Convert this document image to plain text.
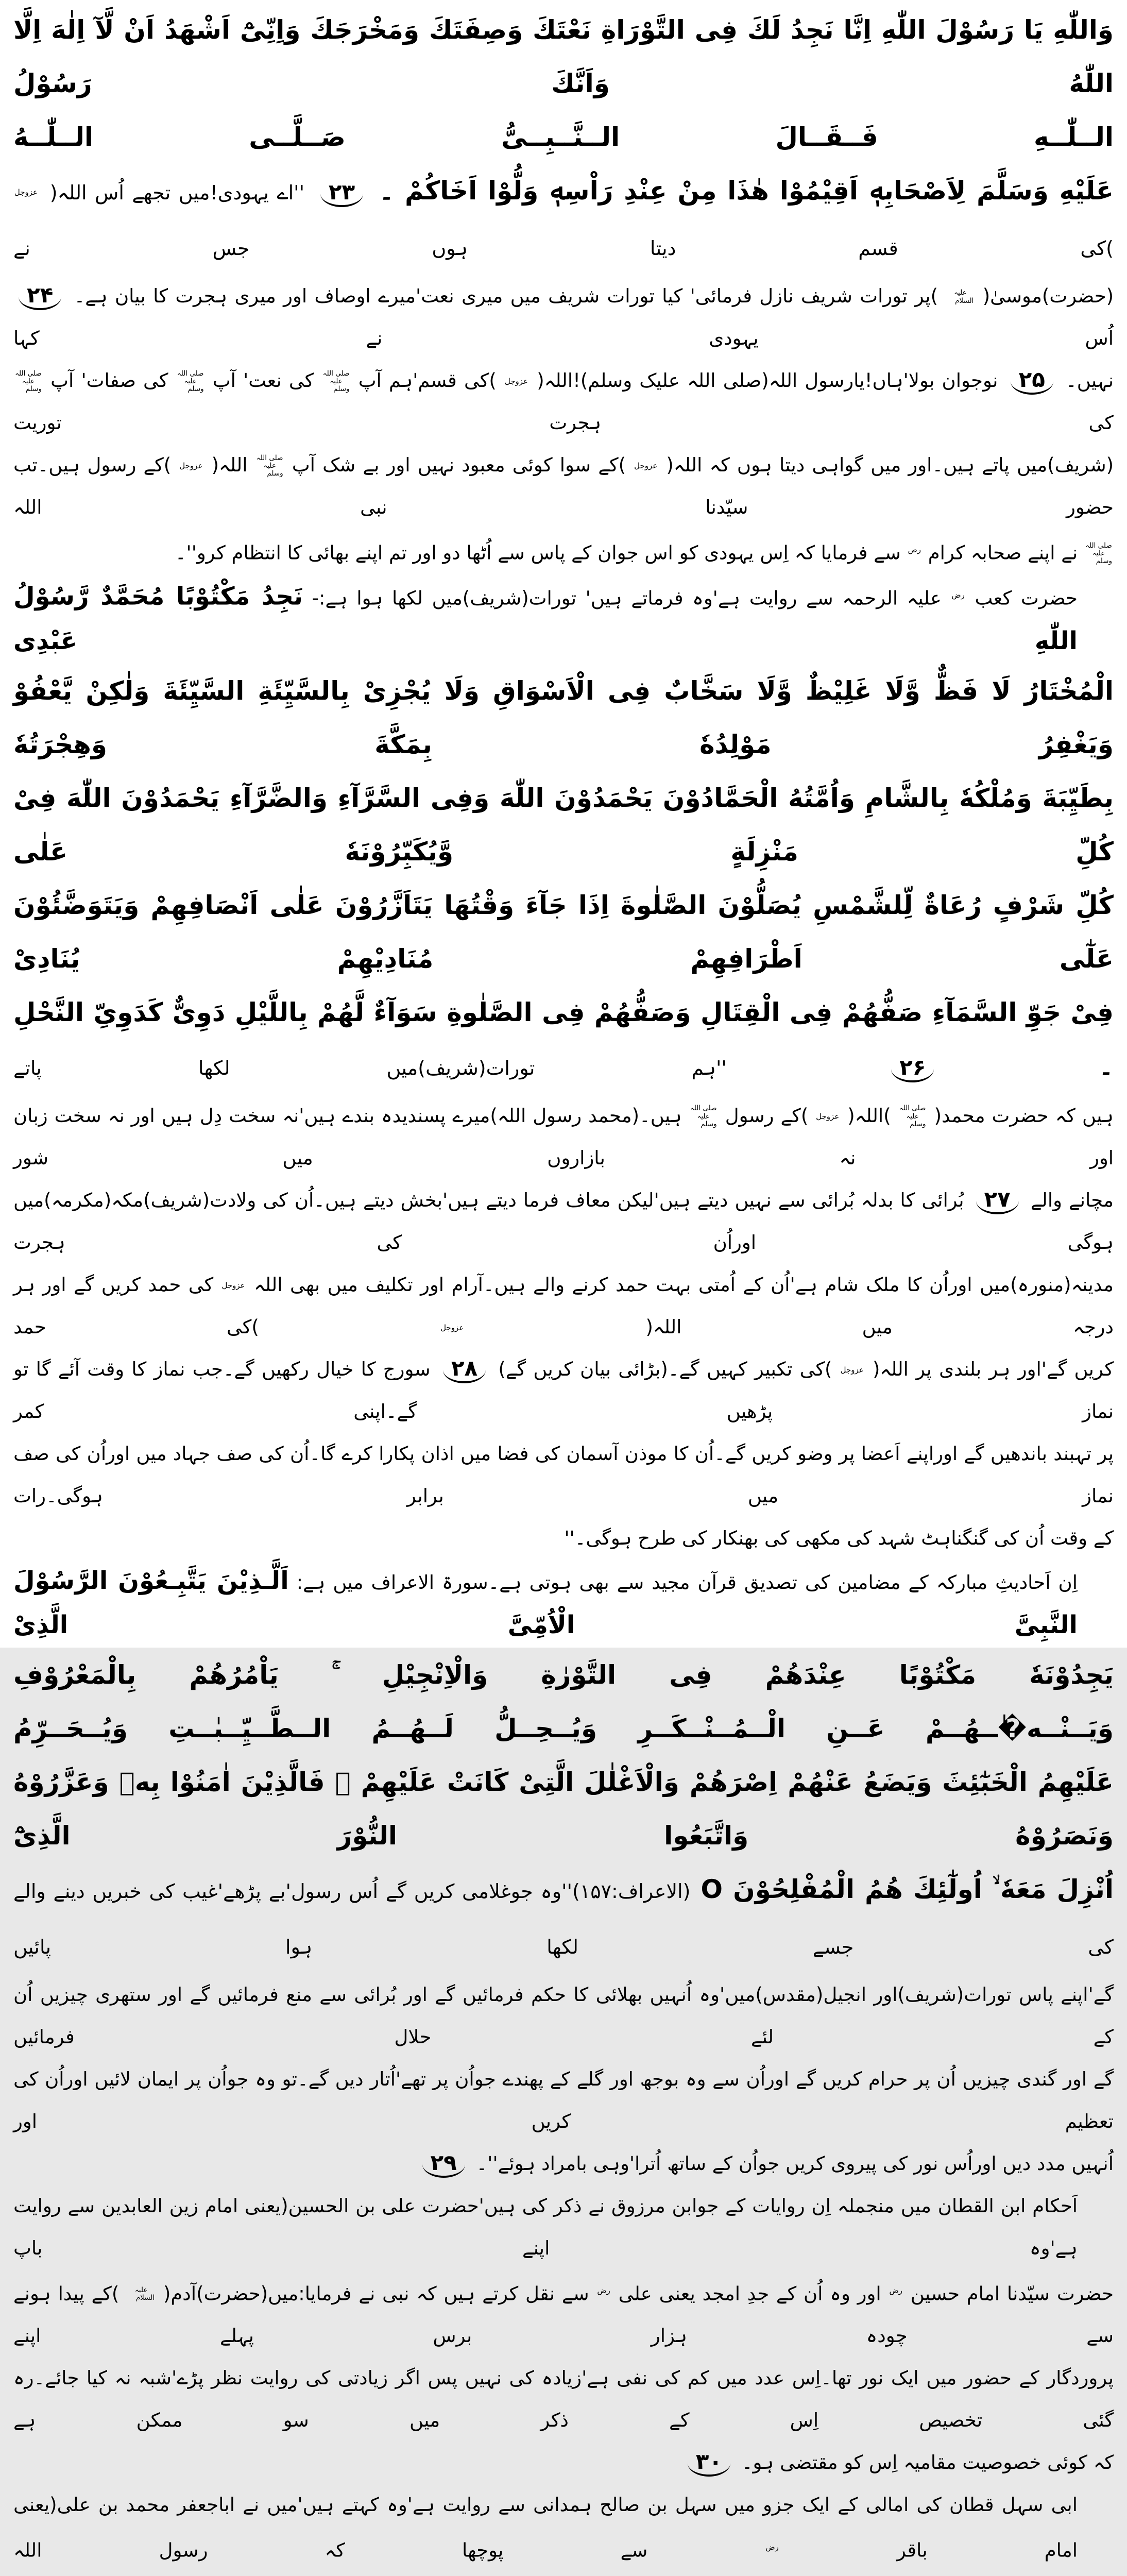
وَاللّٰهِ يَا رَسُوْلَ اللّٰهِ اِنَّا نَجِدُ لَكَ فِى التَّوْرَاةِ نَعْتَكَ وَصِفَتَكَ وَمَخْرَجَكَ وَاِنِّىْٓ اَشْهَدُ اَنْ لَّآ اِلٰهَ اِلَّا اللّٰهُ وَاَنَّكَ رَسُوْلُ
الــلّٰــهِ فَــقَــالَ الــنَّــبِــىُّ صَــلَّــى الــلّٰــهُ
عَلَيْهِ وَسَلَّمَ لِاَصْحَابِهٖ اَقِيْمُوْا هٰذَا مِنْ عِنْدِ رَاْسِهٖ وَلُّوْا اَخَاكُمْ ۔ ۲۳ ''اے یہودی!میں تجھے اُس اللہ( عزوجل )کی قسم دیتا ہوں جس نے
(حضرت)موسیٰ( علیہ السلام )پر تورات شریف نازل فرمائی' کیا تورات شریف میں میری نعت'میرے اوصاف اور میری ہجرت کا بیان ہے۔ ۲۴ اُس یہودی نے کہا
نہیں۔ ۲۵ نوجوان بولا'ہاں!یارسول اللہ(صلی اللہ علیک وسلم)!اللہ( عزوجل )کی قسم'ہم آپ صلی اللہ علیہ وسلم کی نعت' آپ صلی اللہ علیہ وسلم کی صفات' آپ صلی اللہ علیہ وسلم کی ہجرت توریت
(شریف)میں پاتے ہیں۔اور میں گواہی دیتا ہوں کہ اللہ( عزوجل )کے سوا کوئی معبود نہیں اور بے شک آپ صلی اللہ علیہ وسلم اللہ( عزوجل )کے رسول ہیں۔تب حضور سیّدنا نبی اللہ
صلی اللہ علیہ وسلم نے اپنے صحابہ کرام $^{رض}$ سے فرمایا کہ اِس یہودی کو اس جوان کے پاس سے اُٹھا دو اور تم اپنے بھائی کا انتظام کرو''۔
حضرت کعب $^{رض}$ علیہ الرحمہ سے روایت ہے'وہ فرماتے ہیں' تورات(شریف)میں لکھا ہوا ہے:- نَجِدُ مَكْتُوْبًا مُحَمَّدٌ رَّسُوْلُ اللّٰهِ عَبْدِى
الْمُخْتَارُ لَا فَظٌّ وَّلَا غَلِيْظٌ وَّلَا سَخَّابٌ فِى الْاَسْوَاقِ وَلَا يُجْزِىْ بِالسَّيِّئَةِ السَّيِّئَةَ وَلٰكِنْ يَّعْفُوْ وَيَغْفِرُ مَوْلِدُهٗ بِمَكَّةَ وَهِجْرَتُهٗ
بِطَيِّبَةَ وَمُلْكُهٗ بِالشَّامِ وَاُمَّتُهُ الْحَمَّادُوْنَ يَحْمَدُوْنَ اللّٰهَ وَفِى السَّرَّآءِ وَالضَّرَّآءِ يَحْمَدُوْنَ اللّٰهَ فِىْ كُلِّ مَنْزِلَةٍ وَّيُكَبِّرُوْنَهٗ عَلٰى
كُلِّ شَرْفٍ رُعَاةٌ لِّلشَّمْسِ يُصَلُّوْنَ الصَّلٰوةَ اِذَا جَآءَ وَقْتُهَا يَتَاَزَّرُوْنَ عَلٰى اَنْصَافِهِمْ وَيَتَوَضَّئُوْنَ عَلٰٓى اَطْرَافِهِمْ مُنَادِيْهِمْ يُنَادِىْ
فِىْ جَوِّ السَّمَآءِ صَفُّهُمْ فِى الْقِتَالِ وَصَفُّهُمْ فِى الصَّلٰوةِ سَوَآءٌ لَّهُمْ بِاللَّيْلِ دَوِىٌّ كَدَوِىِّ النَّحْلِ ۔ ۲۶ ''ہم تورات(شریف)میں لکھا پاتے
ہیں کہ حضرت محمد( صلی اللہ علیہ وسلم )اللہ( عزوجل )کے رسول صلی اللہ علیہ وسلم ہیں۔(محمد رسول اللہ)میرے پسندیدہ بندے ہیں'نہ سخت دِل ہیں اور نہ سخت زبان اور نہ بازاروں میں شور
مچانے والے ۲۷ بُرائی کا بدلہ بُرائی سے نہیں دیتے ہیں'لیکن معاف فرما دیتے ہیں'بخش دیتے ہیں۔اُن کی ولادت(شریف)مکہ(مکرمہ)میں ہوگی اوراُن کی ہجرت
مدینہ(منورہ)میں اوراُن کا ملک شام ہے'اُن کے اُمتی بہت حمد کرنے والے ہیں۔آرام اور تکلیف میں بھی اللہ عزوجل کی حمد کریں گے اور ہر درجہ میں اللہ( عزوجل )کی حمد
کریں گے'اور ہر بلندی پر اللہ( عزوجل )کی تکبیر کہیں گے۔(بڑائی بیان کریں گے) ۲۸ سورج کا خیال رکھیں گے۔جب نماز کا وقت آئے گا تو نماز پڑھیں گے۔اپنی کمر
پر تہبند باندھیں گے اوراپنے اَعضا پر وضو کریں گے۔اُن کا موذن آسمان کی فضا میں اذان پکارا کرے گا۔اُن کی صف جہاد میں اوراُن کی صف نماز میں برابر ہوگی۔رات
کے وقت اُن کی گنگناہٹ شہد کی مکھی کی بھنکار کی طرح ہوگی۔''
اِن اَحادیثِ مبارکہ کے مضامین کی تصدیق قرآن مجید سے بھی ہوتی ہے۔سورۃ الاعراف میں ہے: اَلَّـذِيْنَ يَتَّبِـعُوْنَ الرَّسُوْلَ النَّبِىَّ الْاُمِّىَّ الَّذِىْ
يَجِدُوْنَهٗ مَكْتُوْبًا عِنْدَهُمْ فِى التَّوْرٰةِ وَالْاِنْجِيْلِ ۚ يَاْمُرُهُمْ بِالْمَعْرُوْفِ
وَيَــنْــه�ٰــهُــمْ عَــنِ الْــمُــنْــكَــرِ وَيُــحِــلُّ لَــهُــمُ الــطَّــيِّــبٰــتِ وَيُــحَــرِّمُ
عَلَيْهِمُ الْخَبٰٓئِثَ وَيَضَعُ عَنْهُمْ اِصْرَهُمْ وَالْاَغْلٰلَ الَّتِىْ كَانَتْ عَلَيْهِمْ ۚ فَالَّذِيْنَ اٰمَنُوْا بِهٖ وَعَزَّرُوْهُ وَنَصَرُوْهُ وَاتَّبَعُوا النُّوْرَ الَّذِىْٓ
اُنْزِلَ مَعَهٗ ۙ اُولٰٓئِكَ هُمُ الْمُفْلِحُوْنَ O (الاعراف:۱۵۷)''وہ جوغلامی کریں گے اُس رسول'بے پڑھے'غیب کی خبریں دینے والے کی جسے لکھا ہوا پائیں
گے'اپنے پاس تورات(شریف)اور انجیل(مقدس)میں'وہ اُنہیں بھلائی کا حکم فرمائیں گے اور بُرائی سے منع فرمائیں گے اور ستھری چیزیں اُن کے لئے حلال فرمائیں
گے اور گندی چیزیں اُن پر حرام کریں گے اوراُن سے وہ بوجھ اور گلے کے پھندے جواُن پر تھے'اُتار دیں گے۔تو وہ جواُن پر ایمان لائیں اوراُن کی تعظیم کریں اور
اُنہیں مدد دیں اوراُس نور کی پیروی کریں جواُن کے ساتھ اُترا'وہی بامراد ہوئے''۔ ۲۹
اَحکام ابن القطان میں منجملہ اِن روایات کے جوابن مرزوق نے ذکر کی ہیں'حضرت علی بن الحسین(یعنی امام زین العابدین سے روایت ہے'وہ اپنے باپ
حضرت سیّدنا امام حسین $^{رض}$ اور وہ اُن کے جدِ امجد یعنی علی $^{رض}$ سے نقل کرتے ہیں کہ نبی نے فرمایا:میں(حضرت)آدم( علیہ السلام )کے پیدا ہونے سے چودہ ہزار برس پہلے اپنے
پروردگار کے حضور میں ایک نور تھا۔اِس عدد میں کم کی نفی ہے'زیادہ کی نہیں پس اگر زیادتی کی روایت نظر پڑے'شبہ نہ کیا جائے۔رہ گئی تخصیص اِس کے ذکر میں سو ممکن ہے
کہ کوئی خصوصیت مقامیہ اِس کو مقتضی ہو۔ ۳۰
ابی سہل قطان کی امالی کے ایک جزو میں سہل بن صالح ہمدانی سے روایت ہے'وہ کہتے ہیں'میں نے اباجعفر محمد بن علی(یعنی امام باقر $^{رض}$ سے پوچھا کہ رسول اللہ
